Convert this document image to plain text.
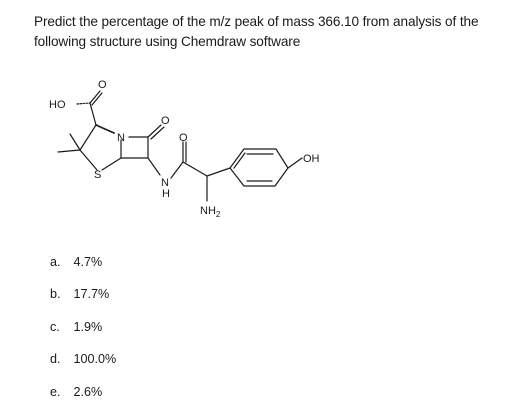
Predict the percentage of the m/z peak of mass 366.10 from analysis of the
following structure using Chemdraw software
HO
O
N
O
S
O
N
H
$NH_2$
OH
a. 4.7%
b. 17.7%
c. 1.9%
d. 100.0%
e. 2.6%
